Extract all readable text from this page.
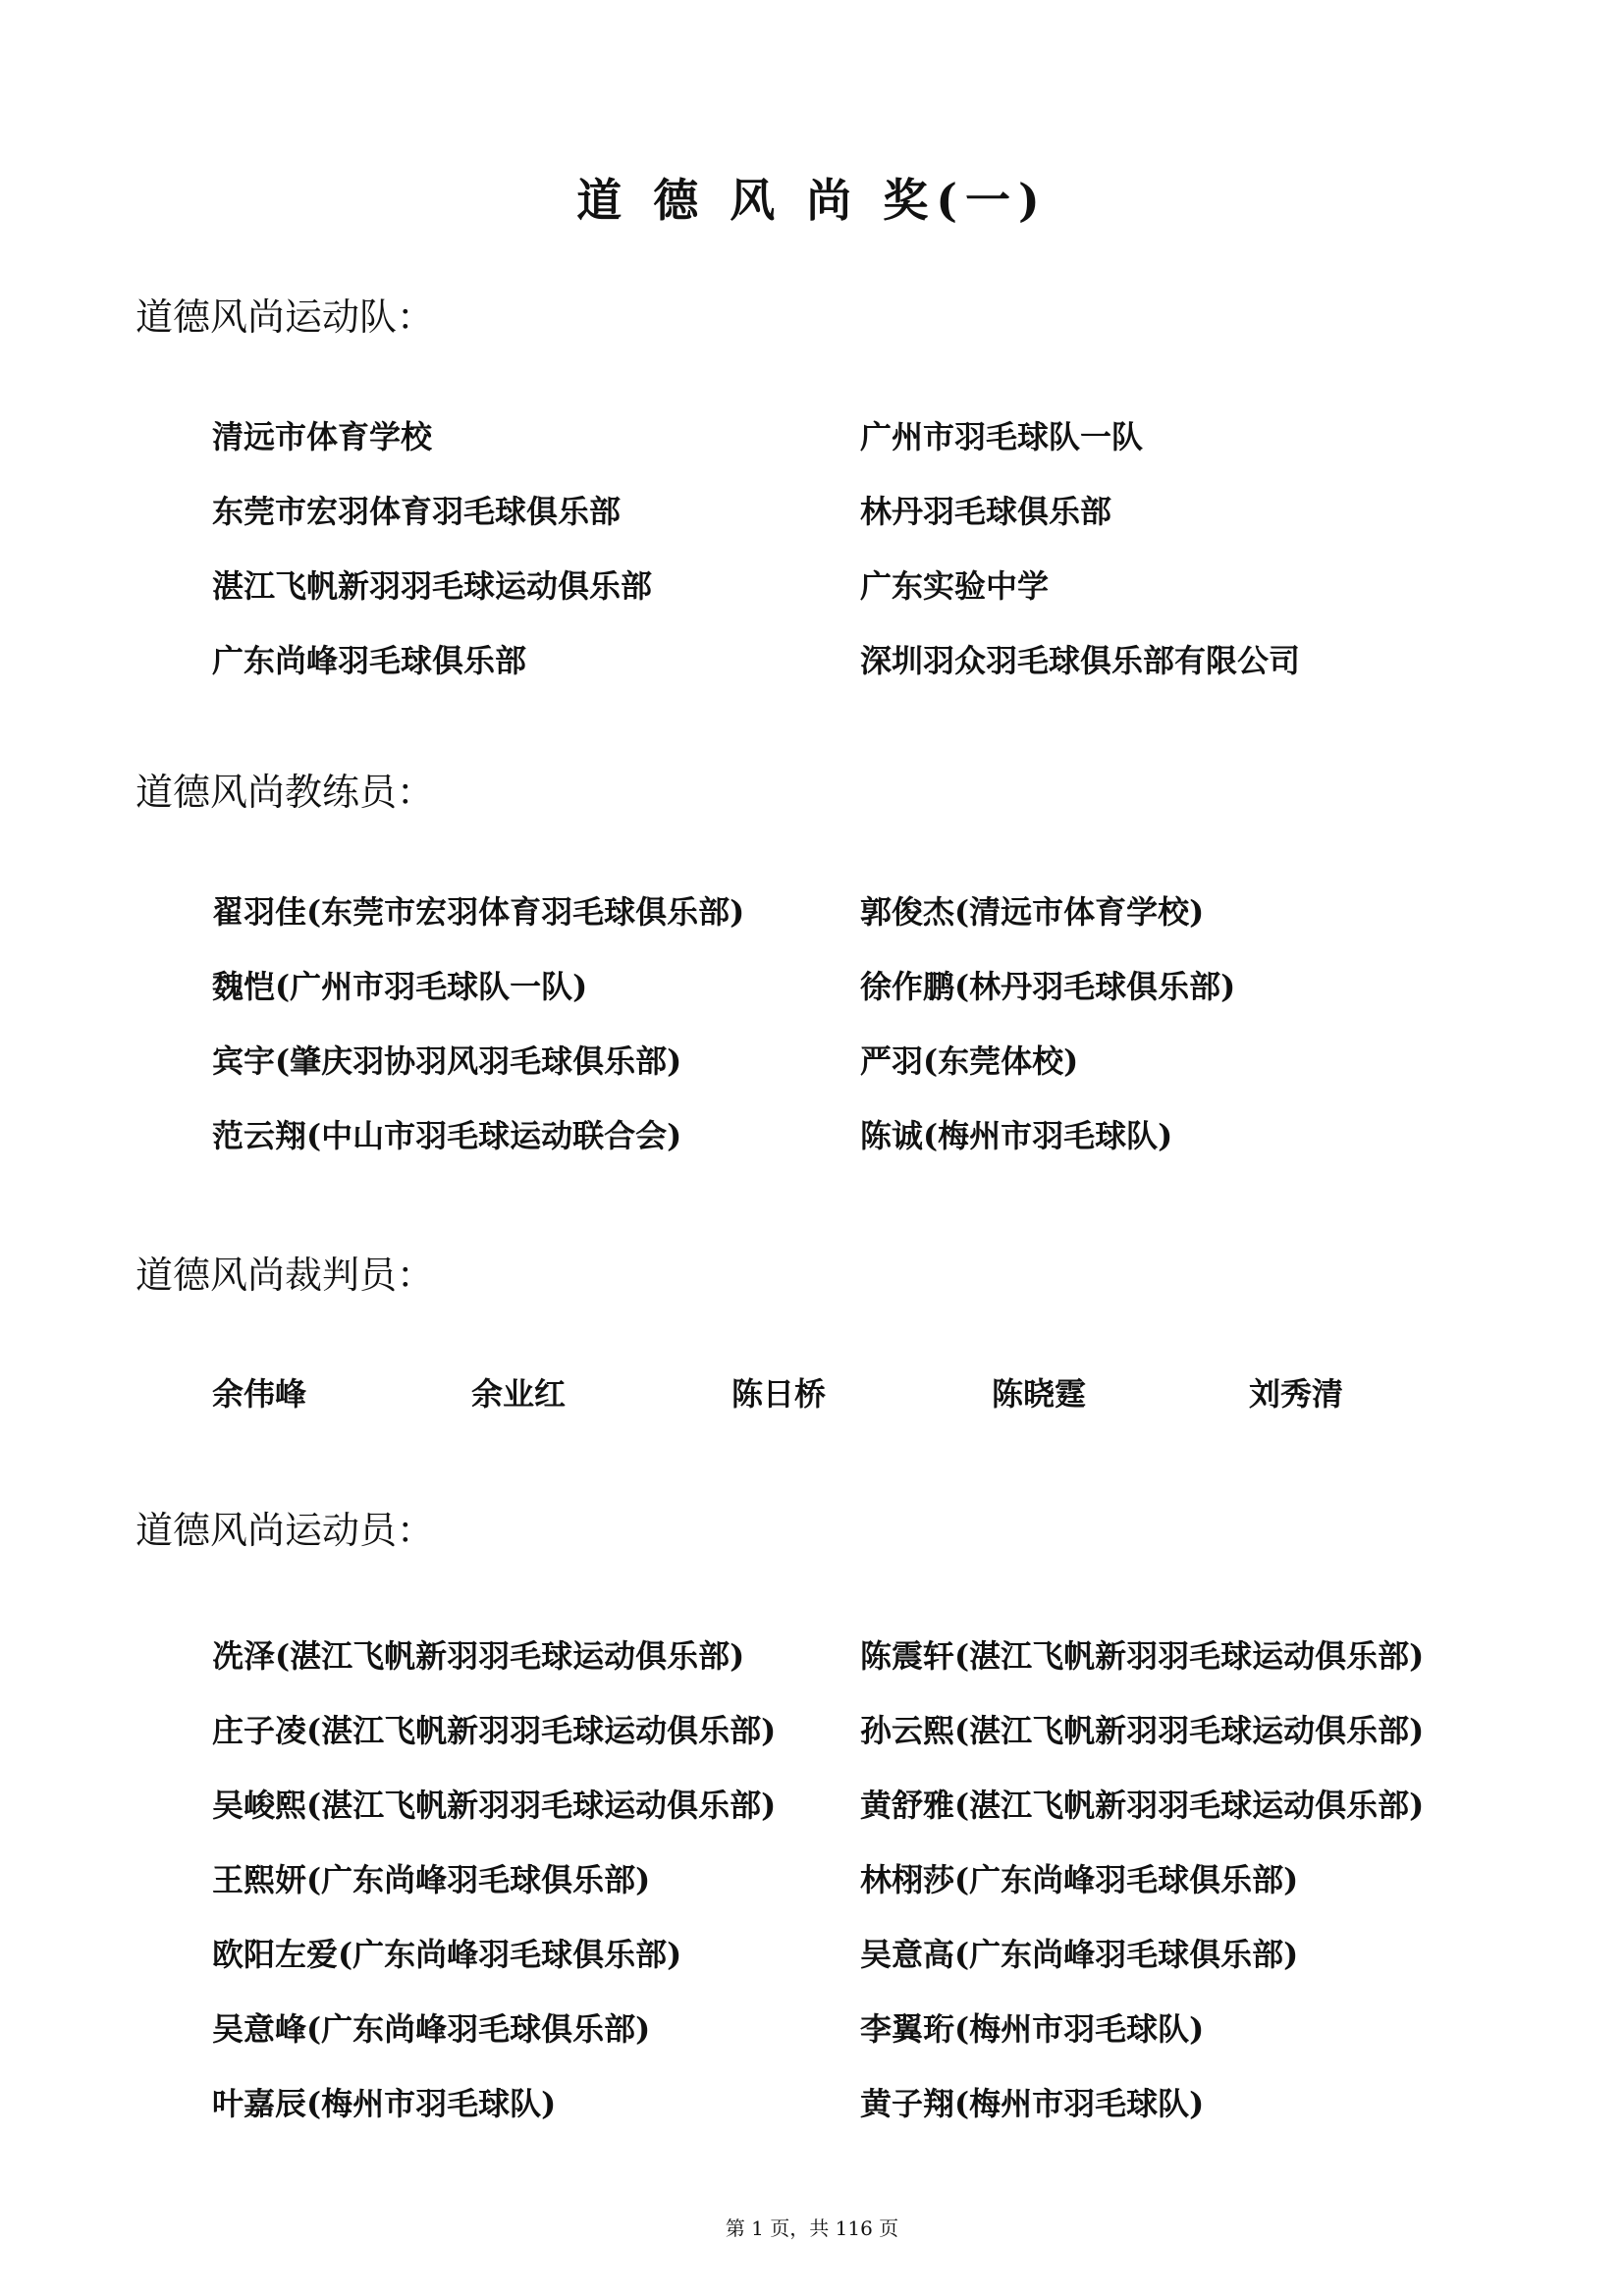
道 德 风 尚 奖(一)
道德风尚运动队：
清远市体育学校	广州市羽毛球队一队
东莞市宏羽体育羽毛球俱乐部	林丹羽毛球俱乐部
湛江飞帆新羽羽毛球运动俱乐部	广东实验中学
广东尚峰羽毛球俱乐部	深圳羽众羽毛球俱乐部有限公司
道德风尚教练员：
翟羽佳(东莞市宏羽体育羽毛球俱乐部)	郭俊杰(清远市体育学校)
魏恺(广州市羽毛球队一队)	徐作鹏(林丹羽毛球俱乐部)
宾宇(肇庆羽协羽风羽毛球俱乐部)	严羽(东莞体校)
范云翔(中山市羽毛球运动联合会)	陈诚(梅州市羽毛球队)
道德风尚裁判员：
余伟峰	余业红	陈日桥	陈晓霆	刘秀清
道德风尚运动员：
冼泽(湛江飞帆新羽羽毛球运动俱乐部)	陈震轩(湛江飞帆新羽羽毛球运动俱乐部)
庄子凌(湛江飞帆新羽羽毛球运动俱乐部)	孙云熙(湛江飞帆新羽羽毛球运动俱乐部)
吴峻熙(湛江飞帆新羽羽毛球运动俱乐部)	黄舒雅(湛江飞帆新羽羽毛球运动俱乐部)
王熙妍(广东尚峰羽毛球俱乐部)	林栩莎(广东尚峰羽毛球俱乐部)
欧阳左爱(广东尚峰羽毛球俱乐部)	吴意高(广东尚峰羽毛球俱乐部)
吴意峰(广东尚峰羽毛球俱乐部)	李翼珩(梅州市羽毛球队)
叶嘉辰(梅州市羽毛球队)	黄子翔(梅州市羽毛球队)
第 1 页，共 116 页
